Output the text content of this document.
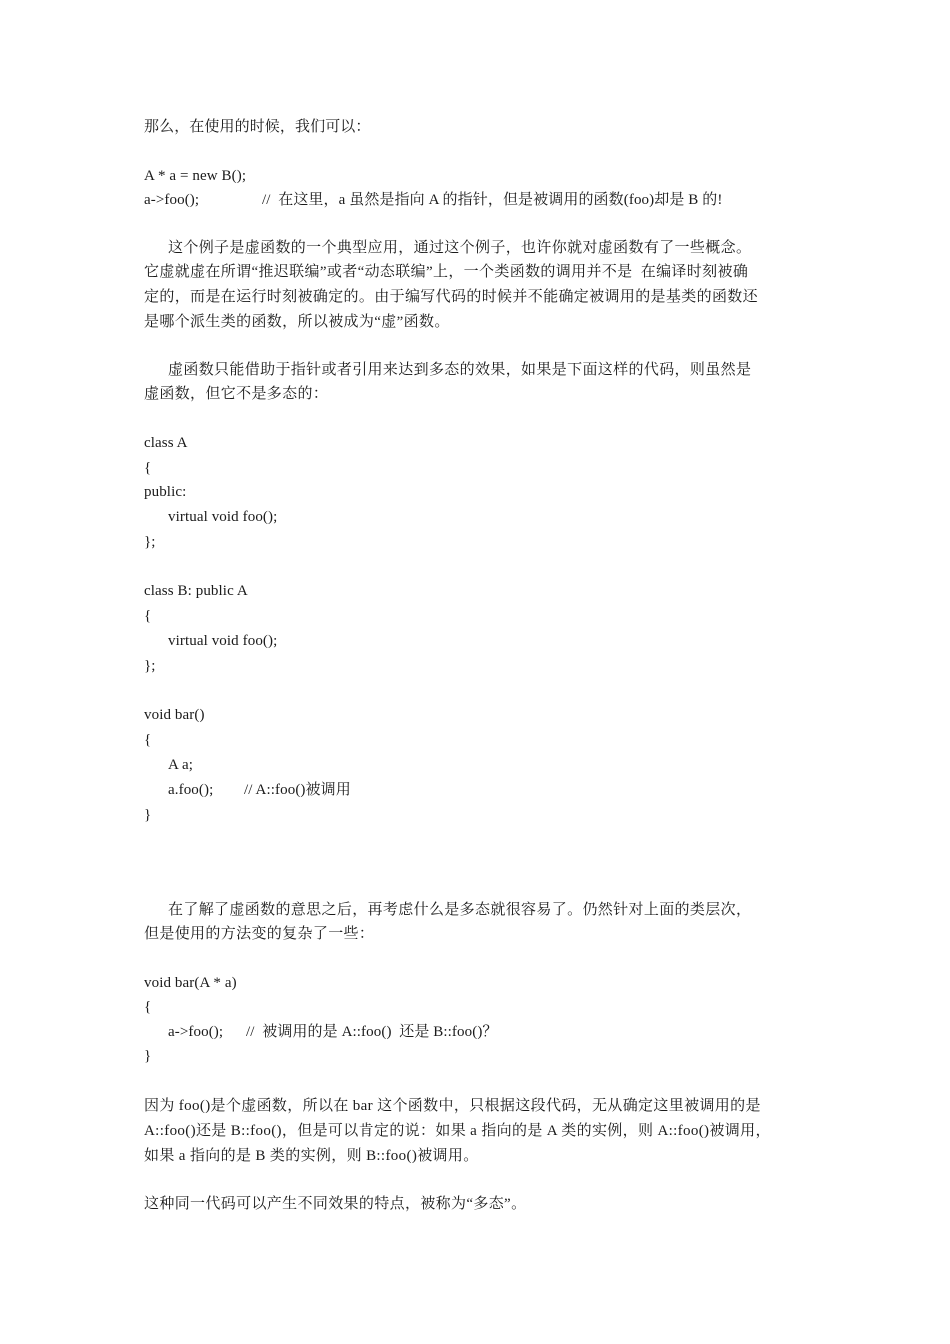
那么，在使用的时候，我们可以：
A * a = new B();
a->foo();	//  在这里，a 虽然是指向 A 的指针，但是被调用的函数(foo)却是 B 的!
这个例子是虚函数的一个典型应用，通过这个例子，也许你就对虚函数有了一些概念。
它虚就虚在所谓“推迟联编”或者“动态联编”上，一个类函数的调用并不是  在编译时刻被确
定的，而是在运行时刻被确定的。由于编写代码的时候并不能确定被调用的是基类的函数还
是哪个派生类的函数，所以被成为“虚”函数。
虚函数只能借助于指针或者引用来达到多态的效果，如果是下面这样的代码，则虽然是
虚函数，但它不是多态的：
class A
{
public:
virtual void foo();
};
class B: public A
{
virtual void foo();
};
void bar()
{
A a;
a.foo(); // A::foo()被调用
}
在了解了虚函数的意思之后，再考虑什么是多态就很容易了。仍然针对上面的类层次，
但是使用的方法变的复杂了一些：
void bar(A * a)
{
a->foo(); //  被调用的是 A::foo()  还是 B::foo()？
}
因为 foo()是个虚函数，所以在 bar 这个函数中，只根据这段代码，无从确定这里被调用的是
A::foo()还是 B::foo()，但是可以肯定的说：如果 a 指向的是 A 类的实例，则 A::foo()被调用，
如果 a 指向的是 B 类的实例，则 B::foo()被调用。
这种同一代码可以产生不同效果的特点，被称为“多态”。
